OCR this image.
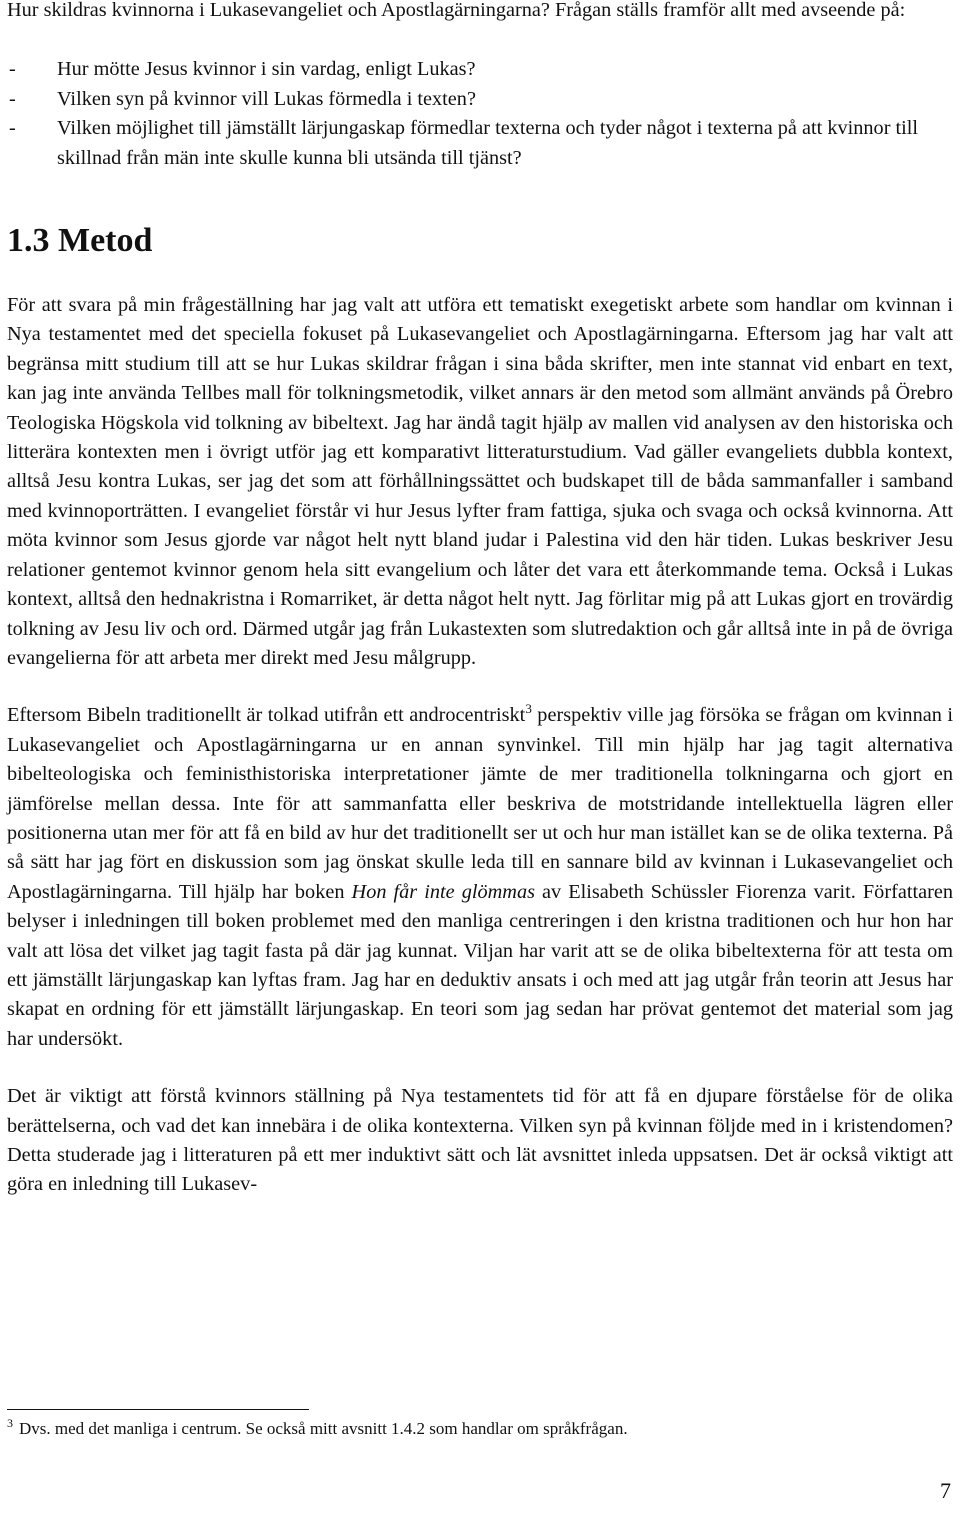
Hur skildras kvinnorna i Lukasevangeliet och Apostlagärningarna? Frågan ställs framför allt med avseende på:

-	Hur mötte Jesus kvinnor i sin vardag, enligt Lukas?
-	Vilken syn på kvinnor vill Lukas förmedla i texten?
-	Vilken möjlighet till jämställt lärjungaskap förmedlar texterna och tyder något i texterna på att kvinnor till skillnad från män inte skulle kunna bli utsända till tjänst?
1.3 Metod

För att svara på min frågeställning har jag valt att utföra ett tematiskt exegetiskt arbete som handlar om kvinnan i Nya testamentet med det speciella fokuset på Lukasevangeliet och Apostlagärningarna. Eftersom jag har valt att begränsa mitt studium till att se hur Lukas skildrar frågan i sina båda skrifter, men inte stannat vid enbart en text, kan jag inte använda Tellbes mall för tolkningsmetodik, vilket annars är den metod som allmänt används på Örebro Teologiska Högskola vid tolkning av bibeltext. Jag har ändå tagit hjälp av mallen vid analysen av den historiska och litterära kontexten men i övrigt utför jag ett komparativt litteraturstudium. Vad gäller evangeliets dubbla kontext, alltså Jesu kontra Lukas, ser jag det som att förhållningssättet och budskapet till de båda sammanfaller i samband med kvinnoporträtten. I evangeliet förstår vi hur Jesus lyfter fram fattiga, sjuka och svaga och också kvinnorna. Att möta kvinnor som Jesus gjorde var något helt nytt bland judar i Palestina vid den här tiden. Lukas beskriver Jesu relationer gentemot kvinnor genom hela sitt evangelium och låter det vara ett återkommande tema. Också i Lukas kontext, alltså den hednakristna i Romarriket, är detta något helt nytt. Jag förlitar mig på att Lukas gjort en trovärdig tolkning av Jesu liv och ord. Därmed utgår jag från Lukastexten som slutredaktion och går alltså inte in på de övriga evangelierna för att arbeta mer direkt med Jesu målgrupp.

Eftersom Bibeln traditionellt är tolkad utifrån ett androcentriskt$^3$ perspektiv ville jag försöka se frågan om kvinnan i Lukasevangeliet och Apostlagärningarna ur en annan synvinkel. Till min hjälp har jag tagit alternativa bibelteologiska och feministhistoriska interpretationer jämte de mer traditionella tolkningarna och gjort en jämförelse mellan dessa. Inte för att sammanfatta eller beskriva de motstridande intellektuella lägren eller positionerna utan mer för att få en bild av hur det traditionellt ser ut och hur man istället kan se de olika texterna. På så sätt har jag fört en diskussion som jag önskat skulle leda till en sannare bild av kvinnan i Lukasevangeliet och Apostlagärningarna. Till hjälp har boken Hon får inte glömmas av Elisabeth Schüssler Fiorenza varit. Författaren belyser i inledningen till boken problemet med den manliga centreringen i den kristna traditionen och hur hon har valt att lösa det vilket jag tagit fasta på där jag kunnat. Viljan har varit att se de olika bibeltexterna för att testa om ett jämställt lärjungaskap kan lyftas fram. Jag har en deduktiv ansats i och med att jag utgår från teorin att Jesus har skapat en ordning för ett jämställt lärjungaskap. En teori som jag sedan har prövat gentemot det material som jag har undersökt.

Det är viktigt att förstå kvinnors ställning på Nya testamentets tid för att få en djupare förståelse för de olika berättelserna, och vad det kan innebära i de olika kontexterna. Vilken syn på kvinnan följde med in i kristendomen? Detta studerade jag i litteraturen på ett mer induktivt sätt och lät avsnittet inleda uppsatsen. Det är också viktigt att göra en inledning till Lukasev-

$^3$ Dvs. med det manliga i centrum. Se också mitt avsnitt 1.4.2 som handlar om språkfrågan.

7
